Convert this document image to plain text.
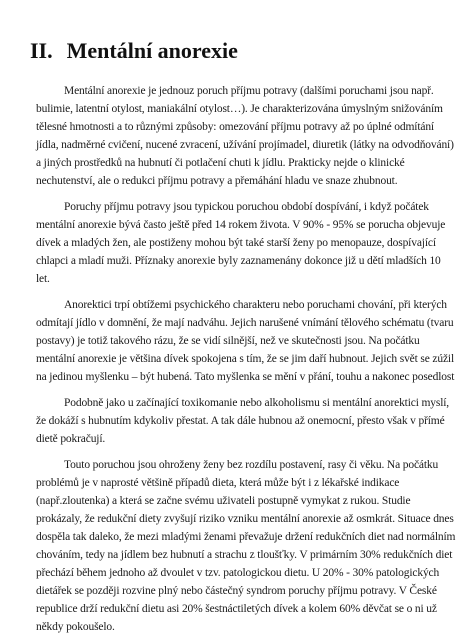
II. Mentální anorexie

Mentální anorexie je jednouz poruch příjmu potravy (dalšími poruchami jsou např.
bulimie, latentní otylost, maniakální otylost…). Je charakterizována úmyslným snižováním
tělesné hmotnosti a to různými způsoby: omezování příjmu potravy až po úplné odmítání
jídla, nadměrné cvičení, nucené zvracení, užívání projímadel, diuretik (látky na odvodňování)
a jiných prostředků na hubnutí či potlačení chuti k jídlu. Prakticky nejde o klinické
nechutenství, ale o redukci příjmu potravy a přemáhání hladu ve snaze zhubnout.

Poruchy příjmu potravy jsou typickou poruchou období dospívání, i když počátek
mentální anorexie bývá často ještě před 14 rokem života. V 90% - 95% se porucha objevuje
dívek a mladých žen, ale postiženy mohou být také starší ženy po menopauze, dospívající
chlapci a mladí muži. Příznaky anorexie byly zaznamenány dokonce již u dětí mladších 10
let.

Anorektici trpí obtížemi psychického charakteru nebo poruchami chování, při kterých
odmítají jídlo v domnění, že mají nadváhu. Jejich narušené vnímání tělového schématu (tvaru
postavy) je totiž takového rázu, že se vidí silnější, než ve skutečnosti jsou. Na počátku
mentální anorexie je většina dívek spokojena s tím, že se jim daří hubnout. Jejich svět se zúžil
na jedinou myšlenku – být hubená. Tato myšlenka se mění v přání, touhu a nakonec posedlost

Podobně jako u začínající toxikomanie nebo alkoholismu si mentální anorektici myslí,
že dokáží s hubnutím kdykoliv přestat. A tak dále hubnou až onemocní, přesto však v přímé
dietě pokračují.

Touto poruchou jsou ohroženy ženy bez rozdílu postavení, rasy či věku. Na počátku
problémů je v naprosté většině případů dieta, která může být i z lékařské indikace
(např.zloutenka) a která se začne svému uživateli postupně vymykat z rukou. Studie
prokázaly, že redukční diety zvyšují riziko vzniku mentální anorexie až osmkrát. Situace dnes
dospěla tak daleko, že mezi mladými ženami převažuje držení redukčních diet nad normálním
chováním, tedy na jídlem bez hubnutí a strachu z tloušťky. V primárním 30% redukčních diet
přechází během jednoho až dvoulet v tzv. patologickou dietu. U 20% - 30% patologických
dietářek se později rozvine plný nebo částečný syndrom poruchy příjmu potravy. V České
republice drží redukční dietu asi 20% šestnáctiletých dívek a kolem 60% děvčat se o ni už
někdy pokoušelo.
